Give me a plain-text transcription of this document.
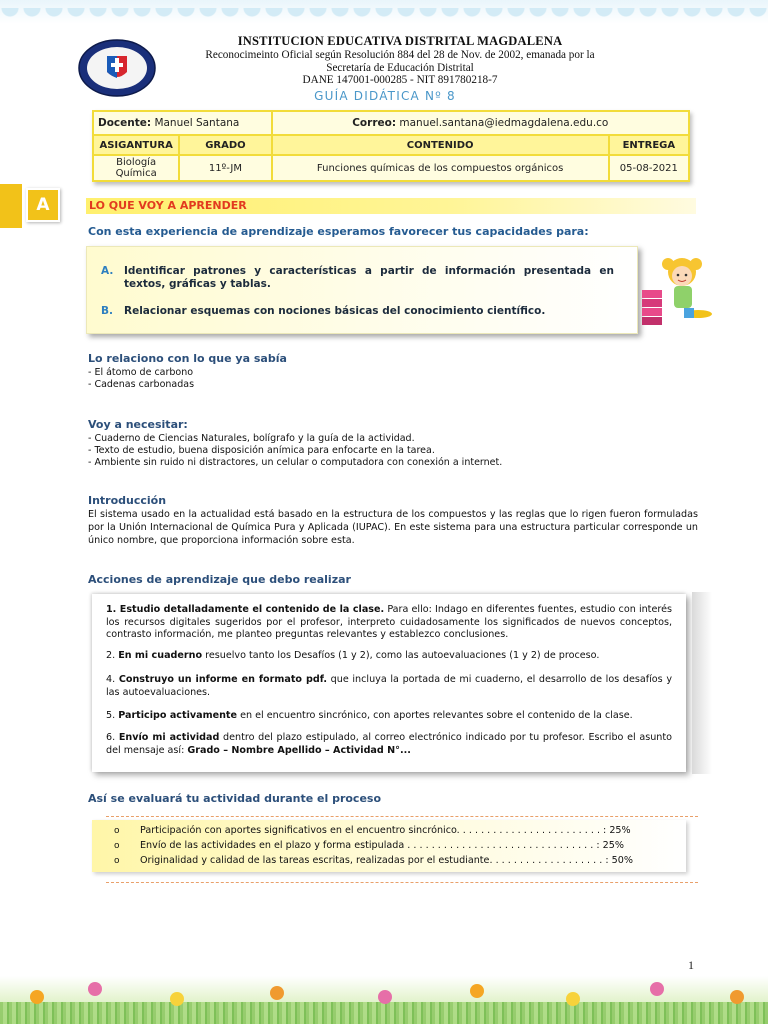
INSTITUCION EDUCATIVA DISTRITAL MAGDALENA
Reconocimeinto Oficial según Resolución 884 del 28 de Nov. de 2002, emanada por la
Secretaría de Educación Distrital
DANE 147001-000285 - NIT 891780218-7
GUÍA DIDÁTICA Nº 8
Docente: Manuel Santana		Correo: manuel.santana@iedmagdalena.edu.co	
ASIGANTURA	GRADO	CONTENIDO	ENTREGA

Biología
Química	11º-JM	Funciones químicas de los compuestos orgánicos	05-08-2021
A	LO QUE VOY A APRENDER
Con esta experiencia de aprendizaje esperamos favorecer tus capacidades para:
A. Identificar patrones y características a partir de información presentada en textos, gráficas y tablas.
B. Relacionar esquemas con nociones básicas del conocimiento científico.
Lo relaciono con lo que ya sabía
- El átomo de carbono
- Cadenas carbonadas
Voy a necesitar:
- Cuaderno de Ciencias Naturales, bolígrafo y la guía de la actividad.
- Texto de estudio, buena disposición anímica para enfocarte en la tarea.
- Ambiente sin ruido ni distractores, un celular o computadora con conexión a internet.
Introducción
El sistema usado en la actualidad está basado en la estructura de los compuestos y las reglas que lo rigen fueron formuladas por la Unión Internacional de Química Pura y Aplicada (IUPAC). En este sistema para una estructura particular corresponde un único nombre, que proporciona información sobre esta.
Acciones de aprendizaje que debo realizar
1. Estudio detalladamente el contenido de la clase. Para ello: Indago en diferentes fuentes, estudio con interés los recursos digitales sugeridos por el profesor, interpreto cuidadosamente los significados de nuevos conceptos, contrasto información, me planteo preguntas relevantes y establezco conclusiones.
2. En mi cuaderno resuelvo tanto los Desafíos (1 y 2), como las autoevaluaciones (1 y 2) de proceso.
4. Construyo un informe en formato pdf. que incluya la portada de mi cuaderno, el desarrollo de los desafíos y las autoevaluaciones.
5. Participo activamente en el encuentro sincrónico, con aportes relevantes sobre el contenido de la clase.
6. Envío mi actividad dentro del plazo estipulado, al correo electrónico indicado por tu profesor. Escribo el asunto del mensaje así: Grado – Nombre Apellido – Actividad N°...
Así se evaluará tu actividad durante el proceso
o Participación con aportes significativos en el encuentro sincrónico. . . . . . . . . . . . . . . . . . . . . . . . : 25%
o Envío de las actividades en el plazo y forma estipulada . . . . . . . . . . . . . . . . . . . . . . . . . . . . . . . : 25%
o Originalidad y calidad de las tareas escritas, realizadas por el estudiante. . . . . . . . . . . . . . . . . . . : 50%
1
